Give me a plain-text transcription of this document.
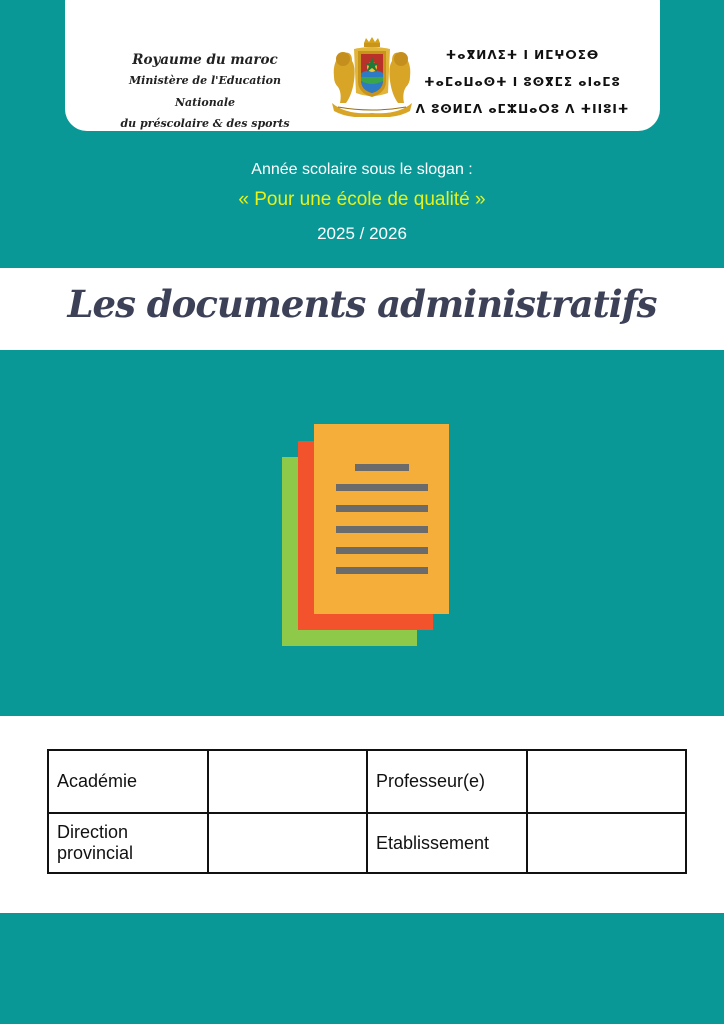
Royaume du maroc
Ministère de l'Education Nationale
du préscolaire & des sports
ⵜⴰⴳⵍⴷⵉⵜ ⵏ ⵍⵎⵖⵔⵉⴱ
ⵜⴰⵎⴰⵡⴰⵙⵜ ⵏ ⵓⵙⴳⵎⵉ ⴰⵏⴰⵎⵓ
ⴷ ⵓⵙⵍⵎⴷ ⴰⵎⵣⵡⴰⵔⵓ ⴷ ⵜⵏⵏⵓⵏⵜ
Année scolaire sous le slogan :
« Pour une école de qualité »
2025 / 2026
Les documents administratifs
Académie		Professeur(e)	
Direction provincial		Etablissement	
